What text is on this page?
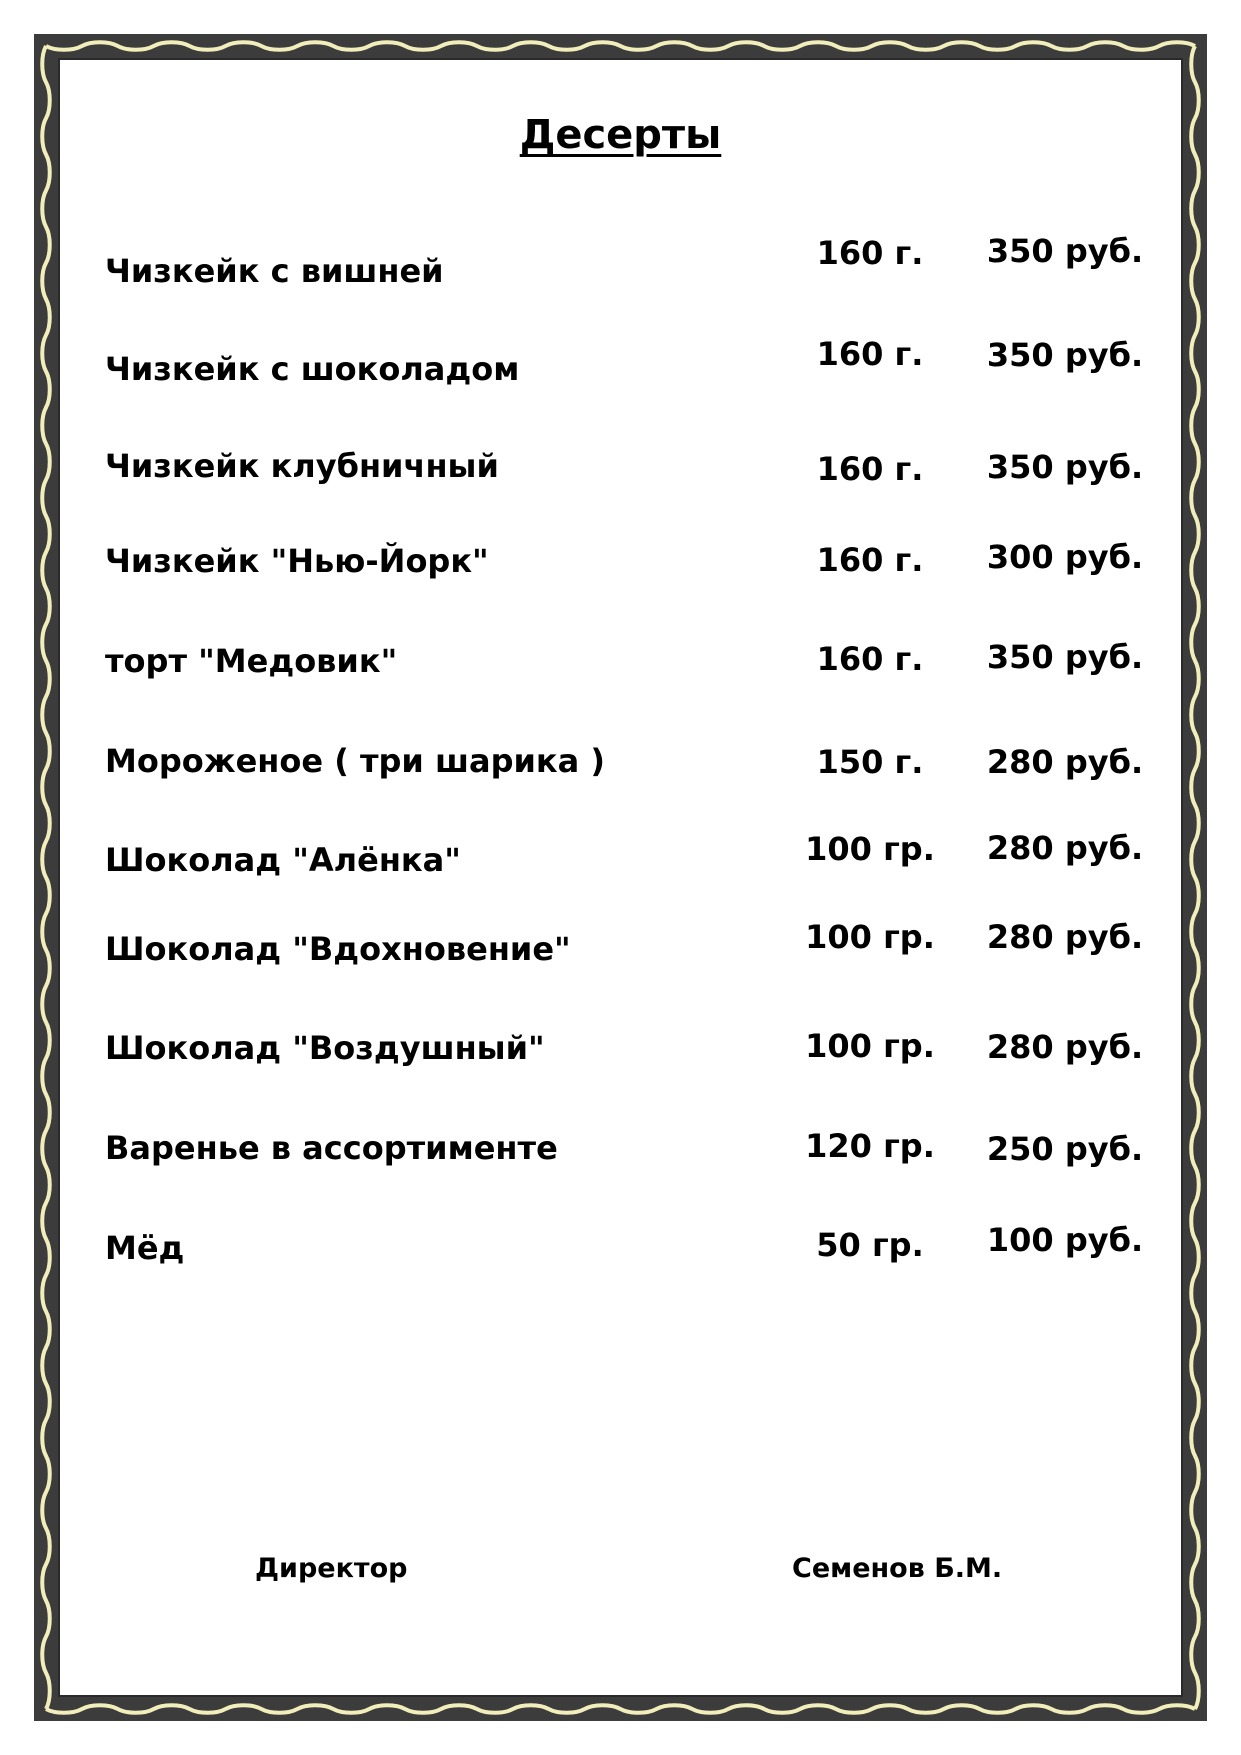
Десерты
Чизкейк с вишней	160 г.	350 руб.
Чизкейк с шоколадом	160 г.	350 руб.
Чизкейк клубничный	160 г.	350 руб.
Чизкейк "Нью-Йорк"	160 г.	300 руб.
торт "Медовик"	160 г.	350 руб.
Мороженое ( три шарика )	150 г.	280 руб.
Шоколад "Алёнка"	100 гр. 280 руб.
Шоколад "Вдохновение"	100 гр. 280 руб.
Шоколад "Воздушный"	100 гр. 280 руб.
Варенье в ассортименте	120 гр. 250 руб.
Мёд	50 гр.	100 руб.
Директор	Семенов Б.М.
